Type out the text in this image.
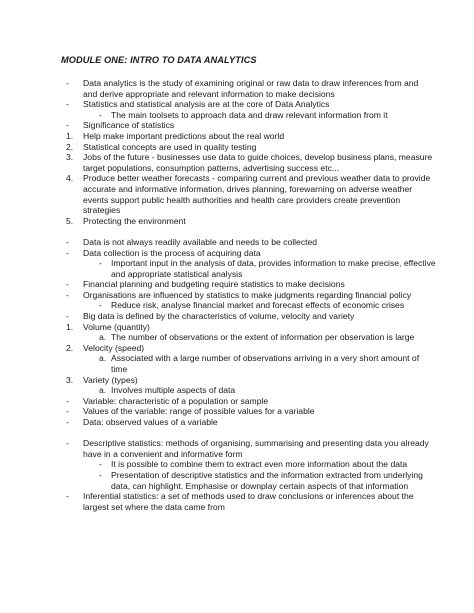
MODULE ONE: INTRO TO DATA ANALYTICS
- Data analytics is the study of examining original or raw data to draw inferences from and and derive appropriate and relevant information to make decisions
- Statistics and statistical analysis are at the core of Data Analytics
- The main toolsets to approach data and draw relevant information from it
- Significance of statistics
1. Help make important predictions about the real world
2. Statistical concepts are used in quality testing
3. Jobs of the future - businesses use data to guide choices, develop business plans, measure target populations, consumption patterns, advertising success etc...
4. Produce better weather forecasts - comparing current and previous weather data to provide accurate and informative information, drives planning, forewarning on adverse weather events support public health authorities and health care providers create prevention strategies
5. Protecting the environment
- Data is not always readily available and needs to be collected
- Data collection is the process of acquiring data
- Important input in the analysis of data, provides information to make precise, effective and appropriate statistical analysis
- Financial planning and budgeting require statistics to make decisions
- Organisations are influenced by statistics to make judgments regarding financial policy
- Reduce risk, analyse financial market and forecast effects of economic crises
- Big data is defined by the characteristics of volume, velocity and variety
1. Volume (quantity)
a. The number of observations or the extent of information per observation is large
2. Velocity (speed)
a. Associated with a large number of observations arriving in a very short amount of time
3. Variety (types)
a. Involves multiple aspects of data
- Variable: characteristic of a population or sample
- Values of the variable: range of possible values for a variable
- Data: observed values of a variable
- Descriptive statistics: methods of organising, summarising and presenting data you already have in a convenient and informative form
- It is possible to combine them to extract even more information about the data
- Presentation of descriptive statistics and the information extracted from underlying data, can highlight. Emphasise or downplay certain aspects of that information
- Inferential statistics: a set of methods used to draw conclusions or inferences about the largest set where the data came from
